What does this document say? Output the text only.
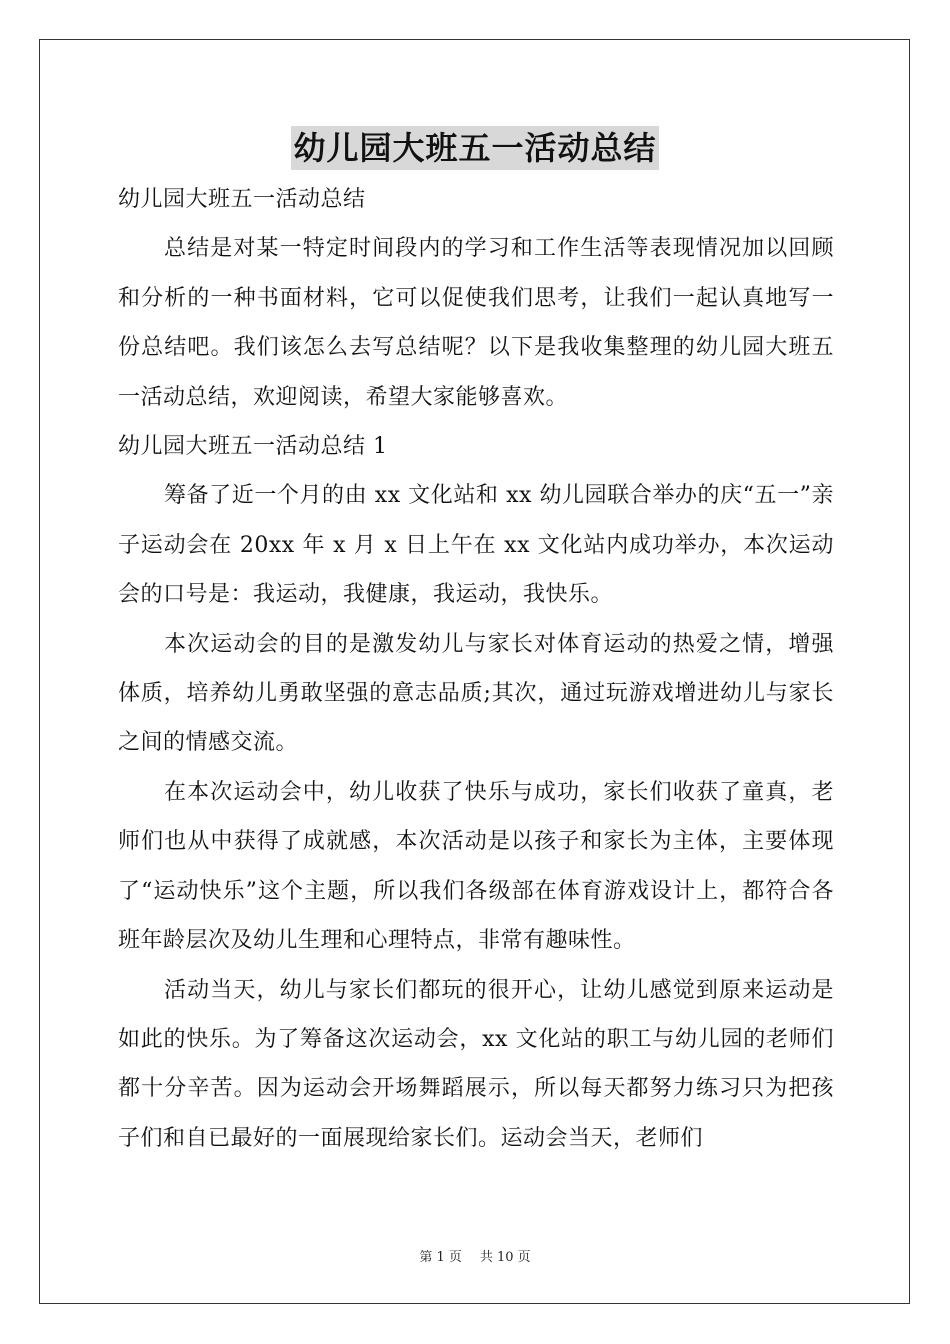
幼儿园大班五一活动总结

幼儿园大班五一活动总结

总结是对某一特定时间段内的学习和工作生活等表现情况加以回顾和分析的一种书面材料，它可以促使我们思考，让我们一起认真地写一份总结吧。我们该怎么去写总结呢？以下是我收集整理的幼儿园大班五一活动总结，欢迎阅读，希望大家能够喜欢。

幼儿园大班五一活动总结 1

筹备了近一个月的由 xx 文化站和 xx 幼儿园联合举办的庆“五一”亲子运动会在 20xx 年 x 月 x 日上午在 xx 文化站内成功举办，本次运动会的口号是：我运动，我健康，我运动，我快乐。

本次运动会的目的是激发幼儿与家长对体育运动的热爱之情，增强体质，培养幼儿勇敢坚强的意志品质;其次，通过玩游戏增进幼儿与家长之间的情感交流。

在本次运动会中，幼儿收获了快乐与成功，家长们收获了童真，老师们也从中获得了成就感，本次活动是以孩子和家长为主体，主要体现了“运动快乐”这个主题，所以我们各级部在体育游戏设计上，都符合各班年龄层次及幼儿生理和心理特点，非常有趣味性。

活动当天，幼儿与家长们都玩的很开心，让幼儿感觉到原来运动是如此的快乐。为了筹备这次运动会，xx 文化站的职工与幼儿园的老师们都十分辛苦。因为运动会开场舞蹈展示，所以每天都努力练习只为把孩子们和自已最好的一面展现给家长们。运动会当天，老师们

第 1 页 共 10 页
